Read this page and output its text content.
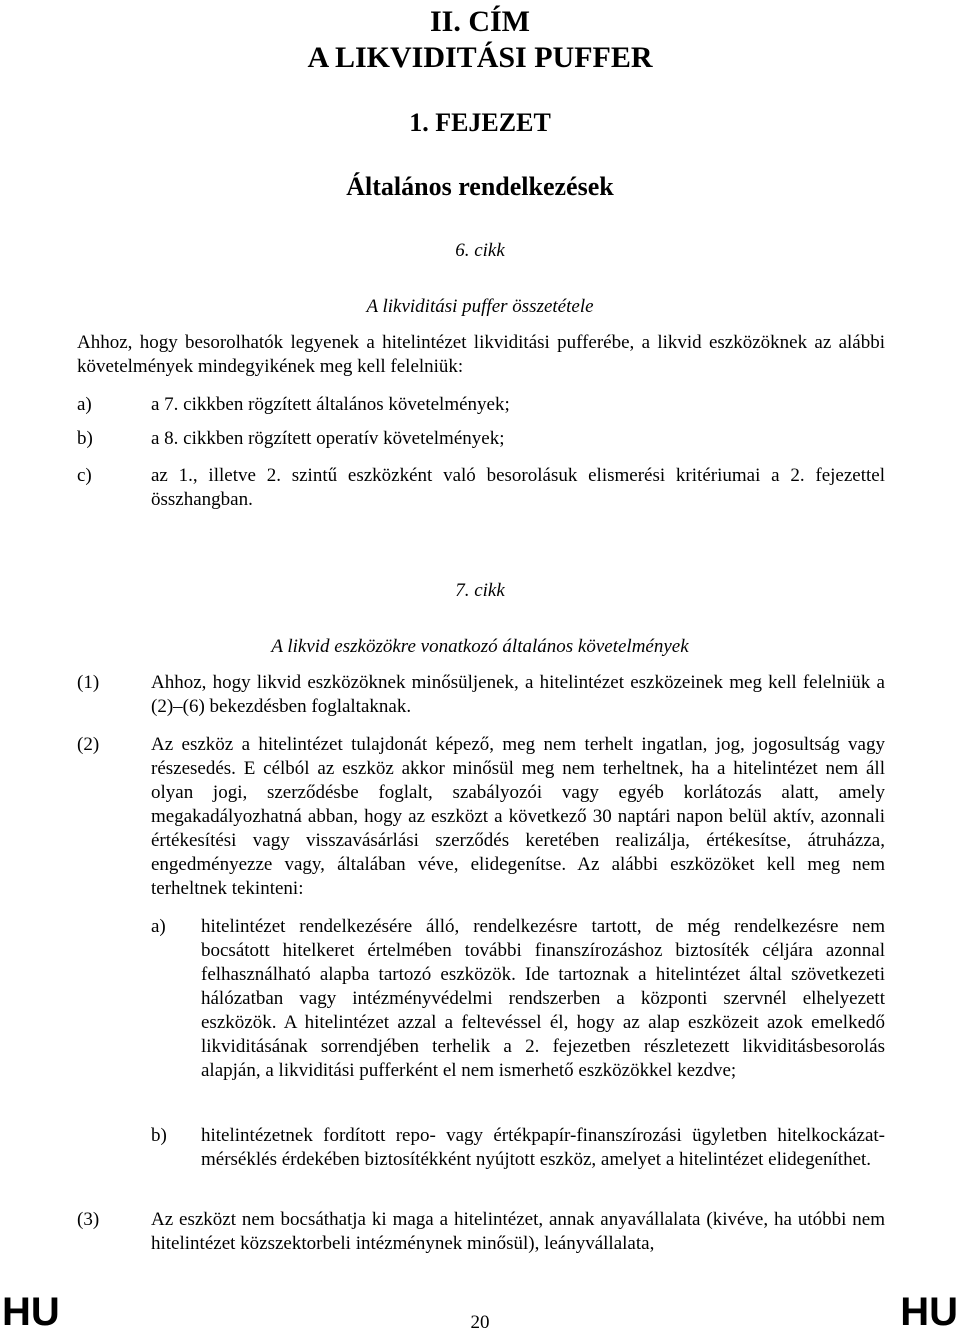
II. CÍM
A LIKVIDITÁSI PUFFER
1. FEJEZET
Általános rendelkezések

6. cikk

A likviditási puffer összetétele

Ahhoz, hogy besorolhatók legyenek a hitelintézet likviditási pufferébe, a likvid eszközöknek az alábbi követelmények mindegyikének meg kell felelniük:

a)	a 7. cikkben rögzített általános követelmények;
b)	a 8. cikkben rögzített operatív követelmények;
c)	az 1., illetve 2. szintű eszközként való besorolásuk elismerési kritériumai a 2. fejezettel összhangban.

7. cikk

A likvid eszközökre vonatkozó általános követelmények

(1)	Ahhoz, hogy likvid eszközöknek minősüljenek, a hitelintézet eszközeinek meg kell felelniük a (2)–(6) bekezdésben foglaltaknak.
(2)	Az eszköz a hitelintézet tulajdonát képező, meg nem terhelt ingatlan, jog, jogosultság vagy részesedés. E célból az eszköz akkor minősül meg nem terheltnek, ha a hitelintézet nem áll olyan jogi, szerződésbe foglalt, szabályozói vagy egyéb korlátozás alatt, amely megakadályozhatná abban, hogy az eszközt a következő 30 naptári napon belül aktív, azonnali értékesítési vagy visszavásárlási szerződés keretében realizálja, értékesítse, átruházza, engedményezze vagy, általában véve, elidegenítse. Az alábbi eszközöket kell meg nem terheltnek tekinteni:
a) hitelintézet rendelkezésére álló, rendelkezésre tartott, de még rendelkezésre nem bocsátott hitelkeret értelmében további finanszírozáshoz biztosíték céljára azonnal felhasználható alapba tartozó eszközök. Ide tartoznak a hitelintézet által szövetkezeti hálózatban vagy intézményvédelmi rendszerben a központi szervnél elhelyezett eszközök. A hitelintézet azzal a feltevéssel él, hogy az alap eszközeit azok emelkedő likviditásának sorrendjében terhelik a 2. fejezetben részletezett likviditásbesorolás alapján, a likviditási pufferként el nem ismerhető eszközökkel kezdve;
b) hitelintézetnek fordított repo- vagy értékpapír-finanszírozási ügyletben hitelkockázat-mérséklés érdekében biztosítékként nyújtott eszköz, amelyet a hitelintézet elidegeníthet.
(3)	Az eszközt nem bocsáthatja ki maga a hitelintézet, annak anyavállalata (kivéve, ha utóbbi nem hitelintézet közszektorbeli intézménynek minősül), leányvállalata,
HU	20	HU
